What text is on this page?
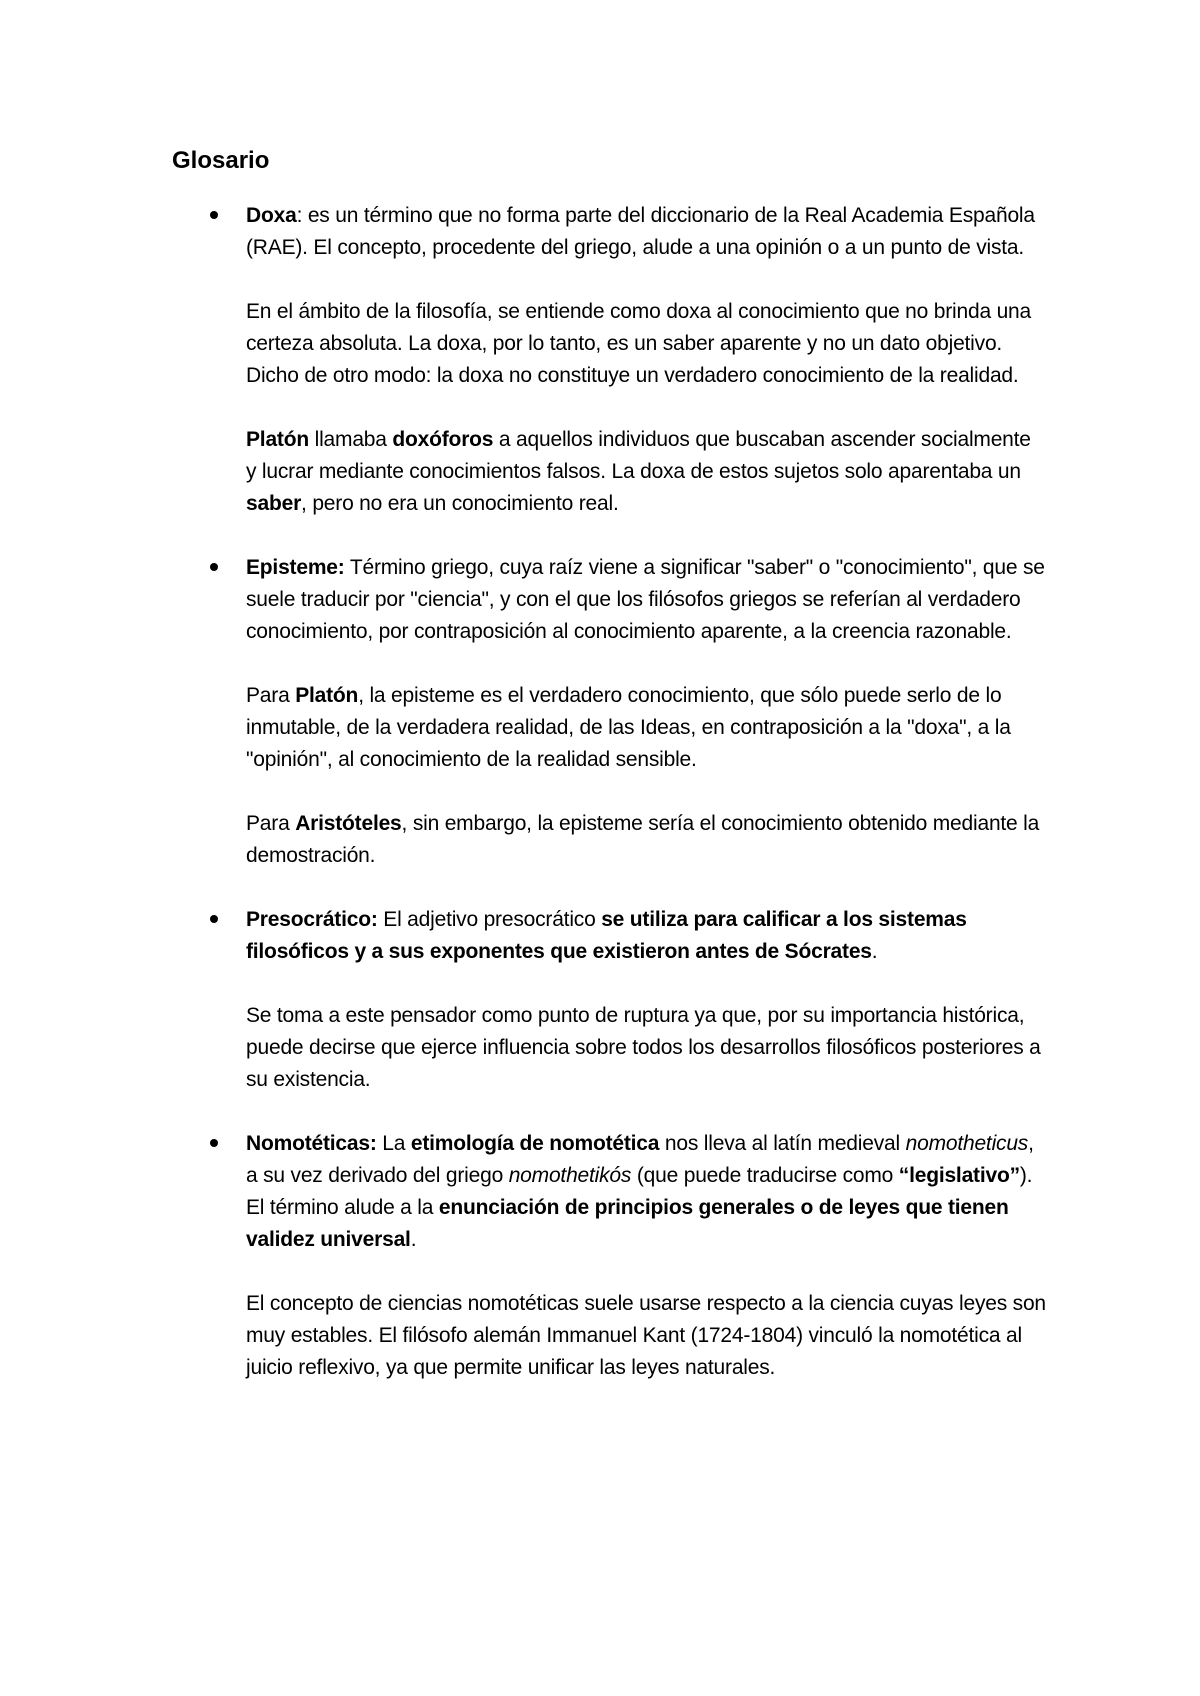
Glosario

Doxa: es un término que no forma parte del diccionario de la Real Academia Española (RAE). El concepto, procedente del griego, alude a una opinión o a un punto de vista.

En el ámbito de la filosofía, se entiende como doxa al conocimiento que no brinda una certeza absoluta. La doxa, por lo tanto, es un saber aparente y no un dato objetivo. Dicho de otro modo: la doxa no constituye un verdadero conocimiento de la realidad.

Platón llamaba doxóforos a aquellos individuos que buscaban ascender socialmente y lucrar mediante conocimientos falsos. La doxa de estos sujetos solo aparentaba un saber, pero no era un conocimiento real.

Episteme: Término griego, cuya raíz viene a significar "saber" o "conocimiento", que se suele traducir por "ciencia", y con el que los filósofos griegos se referían al verdadero conocimiento, por contraposición al conocimiento aparente, a la creencia razonable.

Para Platón, la episteme es el verdadero conocimiento, que sólo puede serlo de lo inmutable, de la verdadera realidad, de las Ideas, en contraposición a la "doxa", a la "opinión", al conocimiento de la realidad sensible.

Para Aristóteles, sin embargo, la episteme sería el conocimiento obtenido mediante la demostración.

Presocrático: El adjetivo presocrático se utiliza para calificar a los sistemas filosóficos y a sus exponentes que existieron antes de Sócrates.

Se toma a este pensador como punto de ruptura ya que, por su importancia histórica, puede decirse que ejerce influencia sobre todos los desarrollos filosóficos posteriores a su existencia.

Nomotéticas: La etimología de nomotética nos lleva al latín medieval nomotheticus, a su vez derivado del griego nomothetikós (que puede traducirse como “legislativo”). El término alude a la enunciación de principios generales o de leyes que tienen validez universal.

El concepto de ciencias nomotéticas suele usarse respecto a la ciencia cuyas leyes son muy estables. El filósofo alemán Immanuel Kant (1724-1804) vinculó la nomotética al juicio reflexivo, ya que permite unificar las leyes naturales.
